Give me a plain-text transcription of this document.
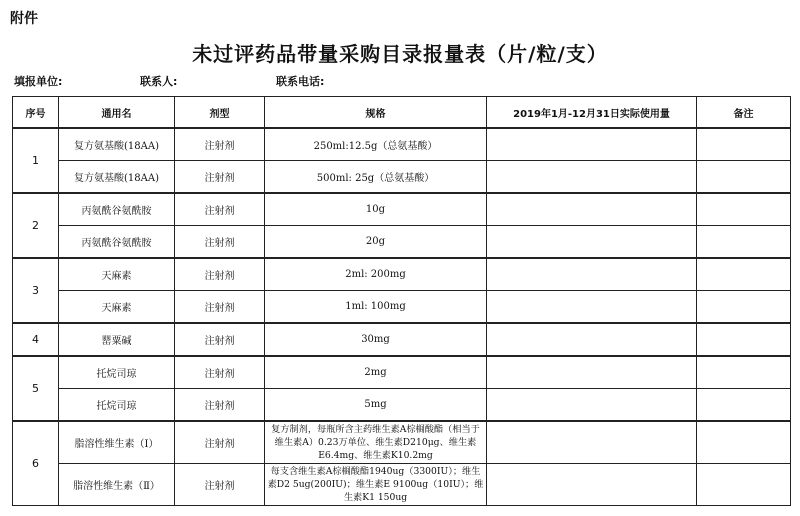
附件
未过评药品带量采购目录报量表（片/粒/支）
填报单位:	联系人:	联系电话:
序号	通用名	剂型	规格	2019年1月-12月31日实际使用量	备注
1	复方氨基酸(18AA)	注射剂	250ml:12.5g（总氨基酸）		
	复方氨基酸(18AA)	注射剂	500ml: 25g（总氨基酸）		
2	丙氨酰谷氨酰胺	注射剂	10g		
	丙氨酰谷氨酰胺	注射剂	20g		
3	天麻素	注射剂	2ml: 200mg		
	天麻素	注射剂	1ml: 100mg		
4	罂粟碱	注射剂	30mg		
5	托烷司琼	注射剂	2mg		
	托烷司琼	注射剂	5mg		
6	脂溶性维生素（Ⅰ）	注射剂	复方制剂，每瓶所含主药维生素A棕榈酸酯（相当于维生素A）0.23万单位、维生素D210μg、维生素E6.4mg、维生素K10.2mg		
	脂溶性维生素（Ⅱ）	注射剂	每支含维生素A棕榈酸酯1940ug（3300IU）；维生素D2 5ug(200IU)；维生素E 9100ug（10IU）；维生素K1 150ug		
